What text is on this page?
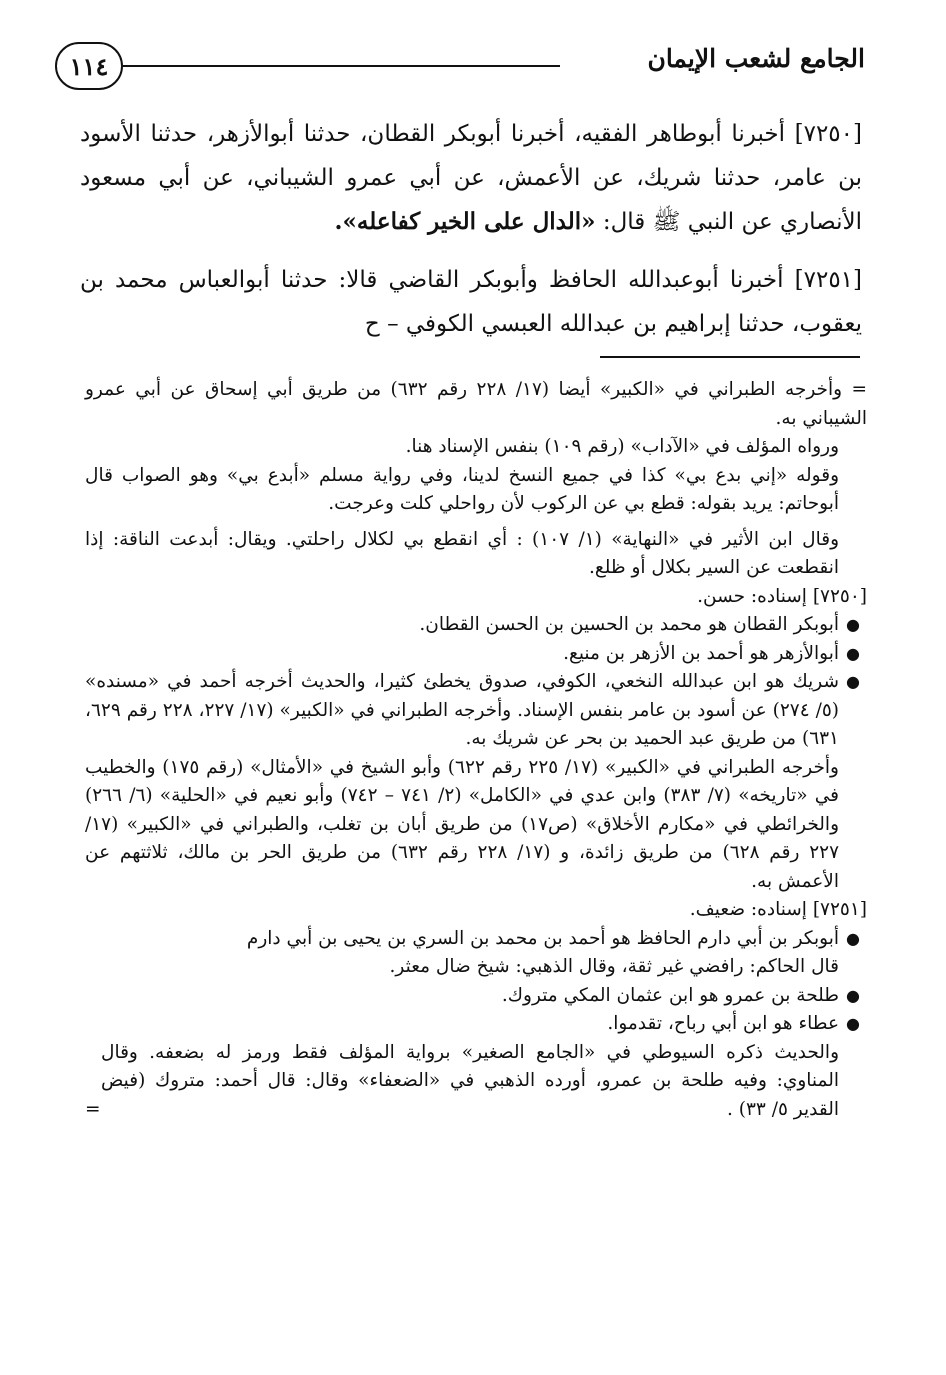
١١٤	الجامع لشعب الإيمان

[٧٢٥٠] أخبرنا أبوطاهر الفقيه، أخبرنا أبوبكر القطان، حدثنا أبوالأزهر، حدثنا الأسود بن عامر، حدثنا شريك، عن الأعمش، عن أبي عمرو الشيباني، عن أبي مسعود الأنصاري عن النبي ﷺ قال: «الدال على الخير كفاعله».

[٧٢٥١] أخبرنا أبوعبدالله الحافظ وأبوبكر القاضي قالا: حدثنا أبوالعباس محمد بن يعقوب، حدثنا إبراهيم بن عبدالله العبسي الكوفي – ح

= وأخرجه الطبراني في «الكبير» أيضا (١٧/ ٢٢٨ رقم ٦٣٢) من طريق أبي إسحاق عن أبي عمرو الشيباني به.

ورواه المؤلف في «الآداب» (رقم ١٠٩) بنفس الإسناد هنا.

وقوله «إني بدع بي» كذا في جميع النسخ لدينا، وفي رواية مسلم «أبدع بي» وهو الصواب قال أبوحاتم: يريد بقوله: قطع بي عن الركوب لأن رواحلي كلت وعرجت.

وقال ابن الأثير في «النهاية» (١/ ١٠٧) : أي انقطع بي لكلال راحلتي. ويقال: أبدعت الناقة: إذا انقطعت عن السير بكلال أو ظلع.

[٧٢٥٠] إسناده: حسن.

●
أبوبكر القطان هو محمد بن الحسين بن الحسن القطان.
●
أبوالأزهر هو أحمد بن الأزهر بن منيع.
●
شريك هو ابن عبدالله النخعي، الكوفي، صدوق يخطئ كثيرا، والحديث أخرجه أحمد في «مسنده» (٥/ ٢٧٤) عن أسود بن عامر بنفس الإسناد. وأخرجه الطبراني في «الكبير» (١٧/ ٢٢٧، ٢٢٨ رقم ٦٢٩، ٦٣١) من طريق عبد الحميد بن بحر عن شريك به.

وأخرجه الطبراني في «الكبير» (١٧/ ٢٢٥ رقم ٦٢٢) وأبو الشيخ في «الأمثال» (رقم ١٧٥) والخطيب في «تاريخه» (٧/ ٣٨٣) وابن عدي في «الكامل» (٢/ ٧٤١ – ٧٤٢) وأبو نعيم في «الحلية» (٦/ ٢٦٦) والخرائطي في «مكارم الأخلاق» (ص١٧) من طريق أبان بن تغلب، والطبراني في «الكبير» (١٧/ ٢٢٧ رقم ٦٢٨) من طريق زائدة، و (١٧/ ٢٢٨ رقم ٦٣٢) من طريق الحر بن مالك، ثلاثتهم عن الأعمش به.

[٧٢٥١] إسناده: ضعيف.

●
أبوبكر بن أبي دارم الحافظ هو أحمد بن محمد بن السري بن يحيى بن أبي دارم

قال الحاكم: رافضي غير ثقة، وقال الذهبي: شيخ ضال معثر.

●
طلحة بن عمرو هو ابن عثمان المكي متروك.
●
عطاء هو ابن أبي رباح، تقدموا.

والحديث ذكره السيوطي في «الجامع الصغير» برواية المؤلف فقط ورمز له بضعفه. وقال المناوي: وفيه طلحة بن عمرو، أورده الذهبي في «الضعفاء» وقال: قال أحمد: متروك (فيض القدير ٥/ ٣٣) .
=
